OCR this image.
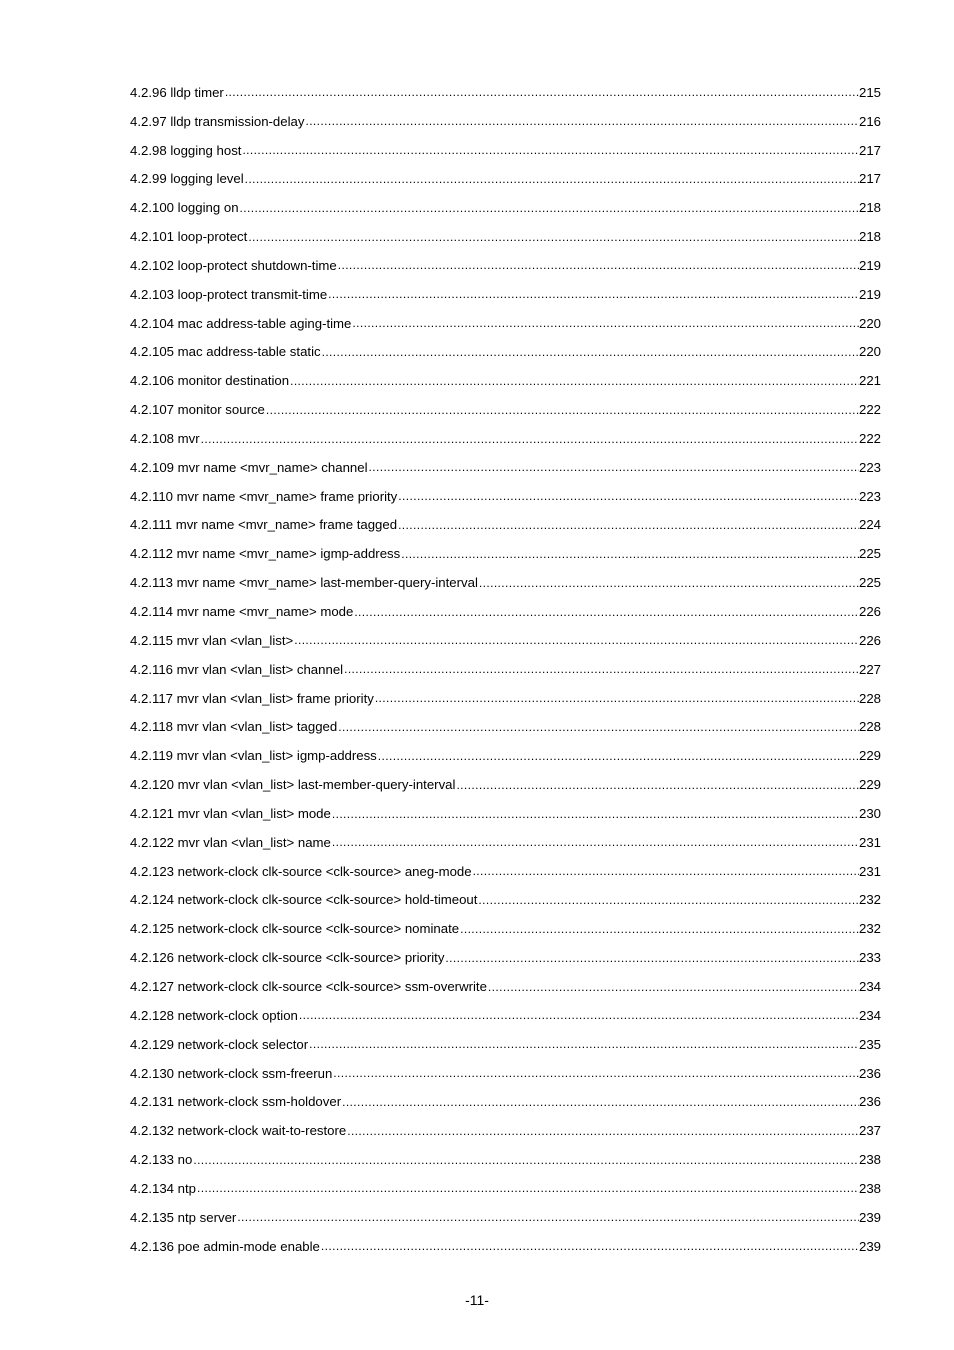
4.2.96 lldp timer .....	215
4.2.97 lldp transmission-delay .....	216
4.2.98 logging host .....	217
4.2.99 logging level .....	217
4.2.100 logging on .....	218
4.2.101 loop-protect .....	218
4.2.102 loop-protect shutdown-time .....	219
4.2.103 loop-protect transmit-time .....	219
4.2.104 mac address-table aging-time .....	220
4.2.105 mac address-table static .....	220
4.2.106 monitor destination .....	221
4.2.107 monitor source .....	222
4.2.108 mvr .....	222
4.2.109 mvr name <mvr_name> channel .....	223
4.2.110 mvr name <mvr_name> frame priority .....	223
4.2.111 mvr name <mvr_name> frame tagged .....	224
4.2.112 mvr name <mvr_name> igmp-address .....	225
4.2.113 mvr name <mvr_name> last-member-query-interval .....	225
4.2.114 mvr name <mvr_name> mode .....	226
4.2.115 mvr vlan <vlan_list> .....	226
4.2.116 mvr vlan <vlan_list> channel .....	227
4.2.117 mvr vlan <vlan_list> frame priority .....	228
4.2.118 mvr vlan <vlan_list> tagged .....	228
4.2.119 mvr vlan <vlan_list> igmp-address .....	229
4.2.120 mvr vlan <vlan_list> last-member-query-interval .....	229
4.2.121 mvr vlan <vlan_list> mode .....	230
4.2.122 mvr vlan <vlan_list> name .....	231
4.2.123 network-clock clk-source <clk-source> aneg-mode .....	231
4.2.124 network-clock clk-source <clk-source> hold-timeout .....	232
4.2.125 network-clock clk-source <clk-source> nominate .....	232
4.2.126 network-clock clk-source <clk-source> priority .....	233
4.2.127 network-clock clk-source <clk-source> ssm-overwrite .....	234
4.2.128 network-clock option .....	234
4.2.129 network-clock selector .....	235
4.2.130 network-clock ssm-freerun .....	236
4.2.131 network-clock ssm-holdover .....	236
4.2.132 network-clock wait-to-restore .....	237
4.2.133 no .....	238
4.2.134 ntp .....	238
4.2.135 ntp server .....	239
4.2.136 poe admin-mode enable .....	239
-11-
